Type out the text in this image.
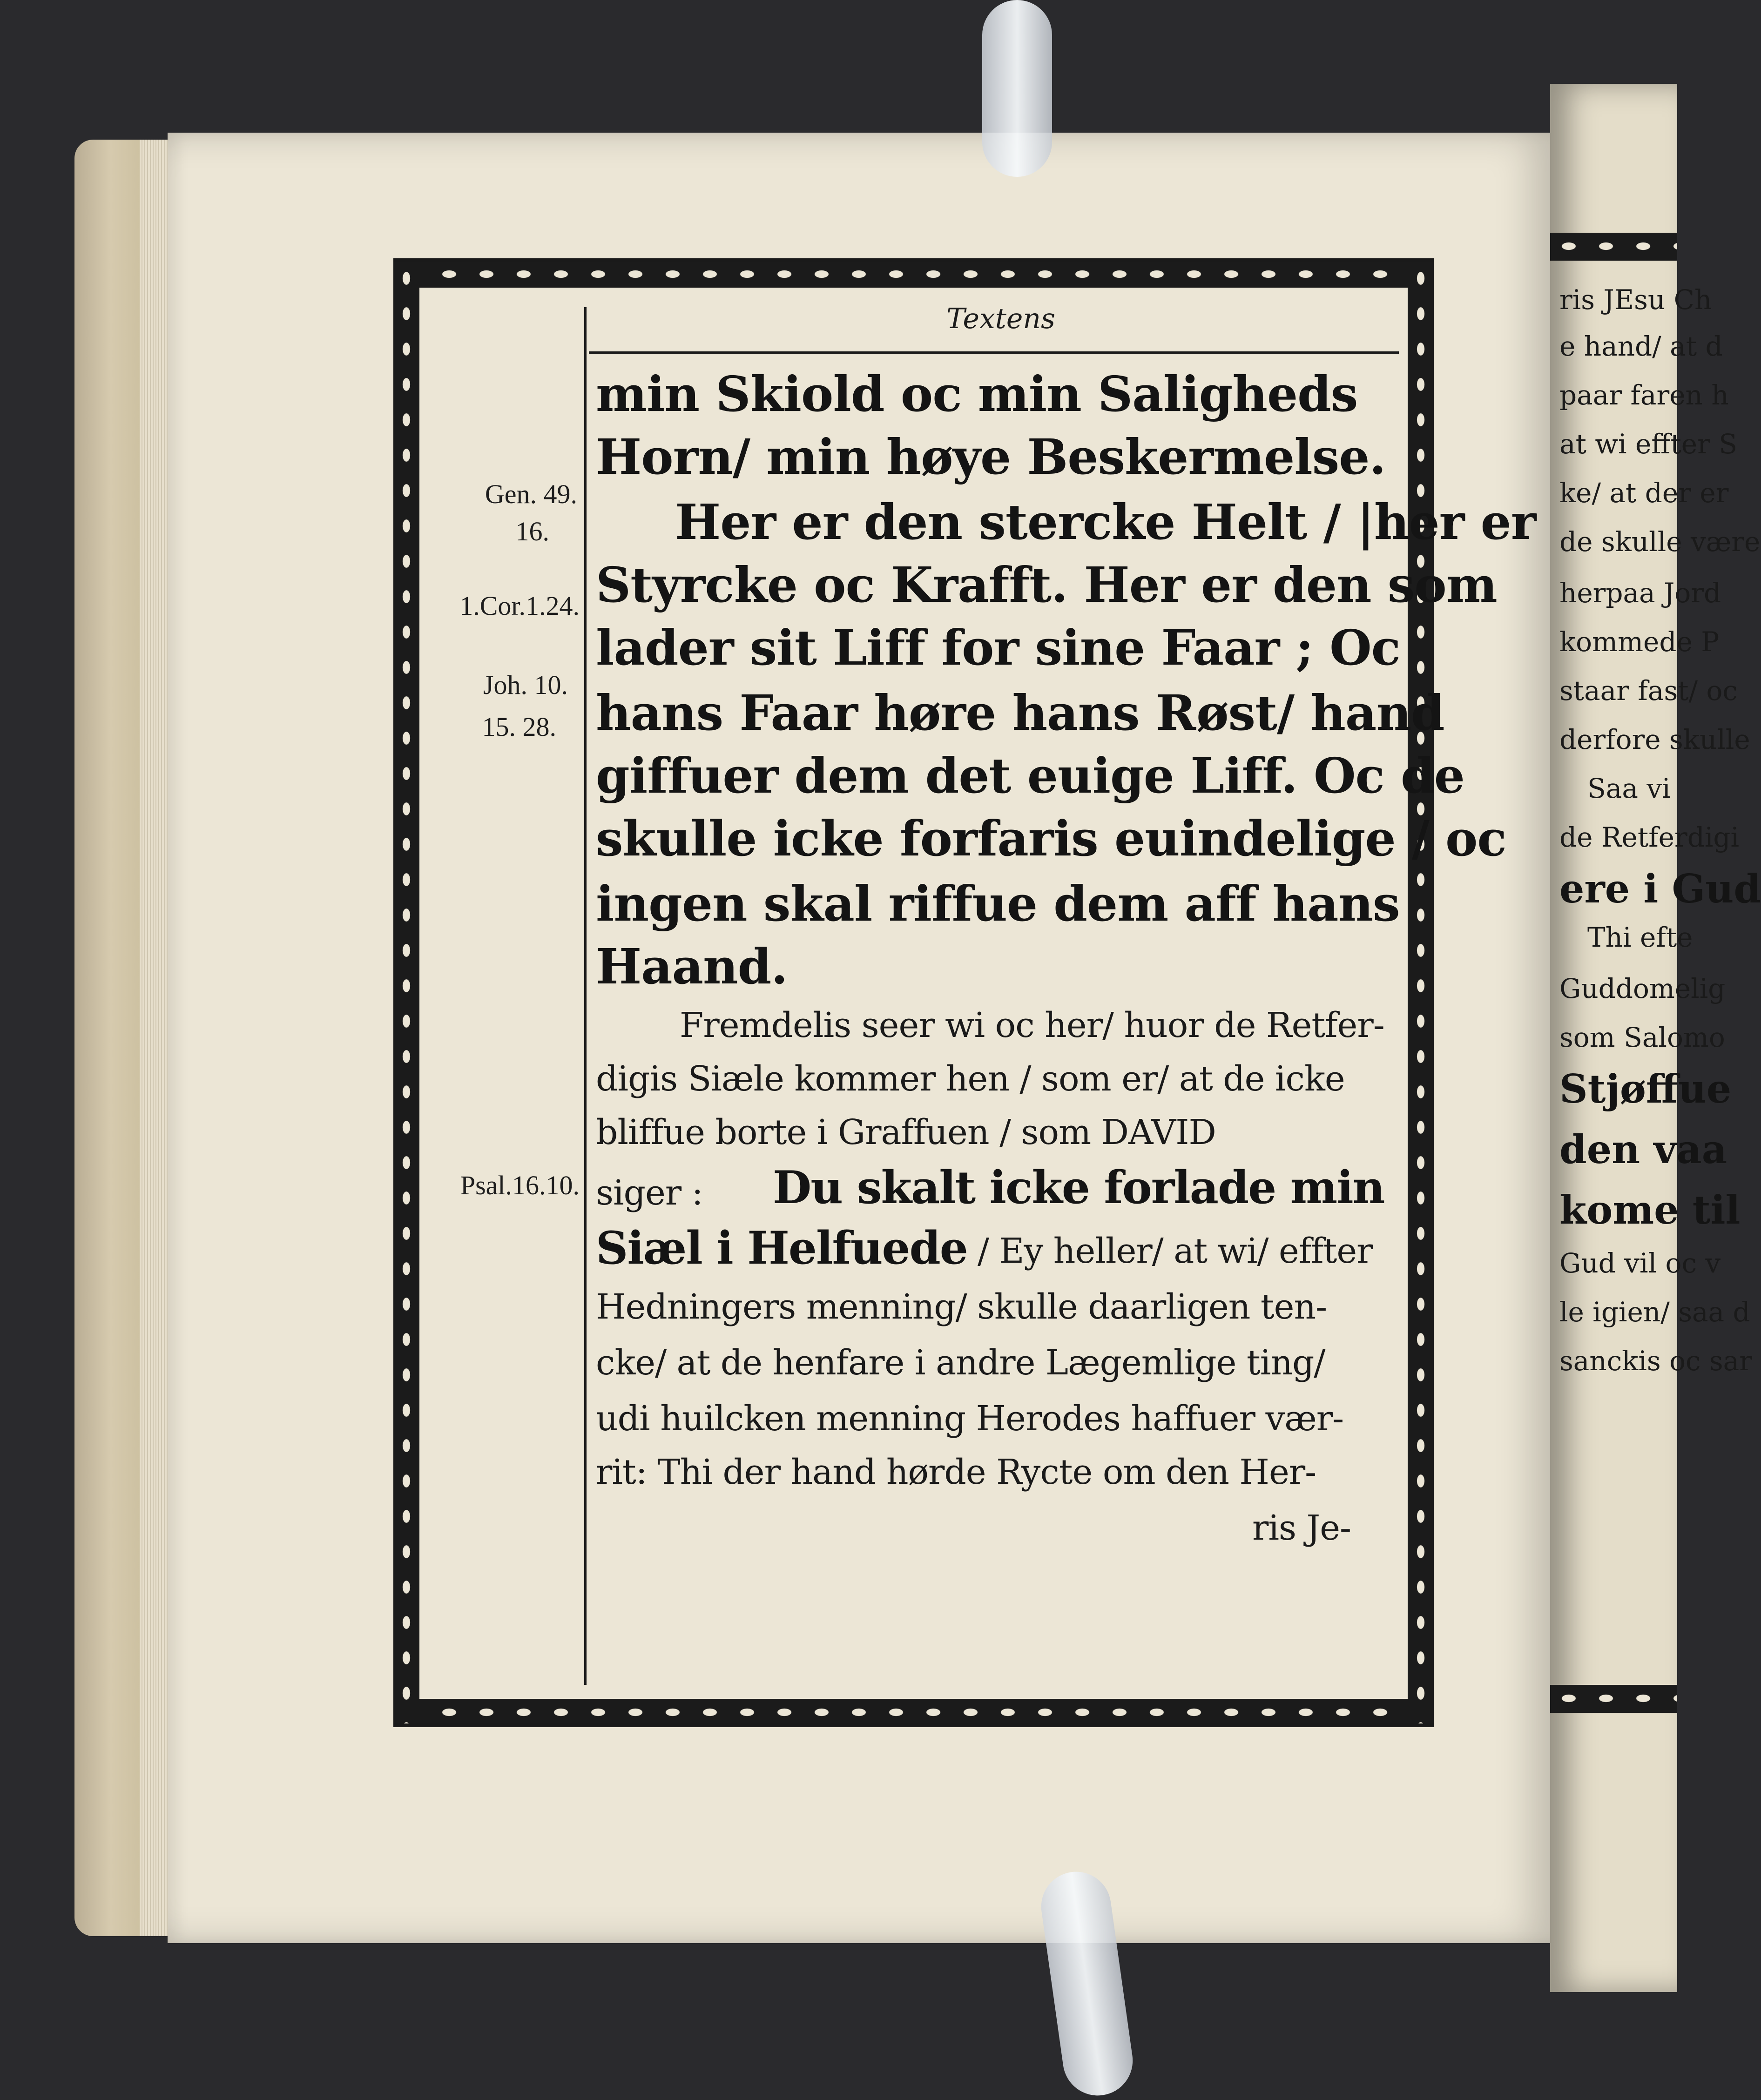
ris JEsu Ch
e hand/ at d
paar faren h
at wi effter S
ke/ at der er
de skulle være
herpaa Jord
kommede P
staar fast/ oc
derfore skulle
Saa vi
de Retferdigi
ere i Gud
Thi efte
Guddomelig
som Salomo
Stjøffue
den vaa
kome til
Gud vil oc v
le igien/ saa d
sanckis oc sar
Textens
Gen. 49.
16.
1.Cor.1.24.
Joh. 10.
15. 28.
Psal.16.10.
min Skiold oc min Saligheds
Horn/ min høye Beskermelse.
Her er den stercke Helt / |her er
Styrcke oc Krafft. Her er den som
lader sit Liff for sine Faar ; Oc
hans Faar høre hans Røst/ hand
giffuer dem det euige Liff. Oc de
skulle icke forfaris euindelige / oc
ingen skal riffue dem aff hans
Haand.
Fremdelis seer wi oc her/ huor de Retfer-
digis Siæle kommer hen / som er/ at de icke
bliffue borte i Graffuen / som DAVID
siger : Du skalt icke forlade min
Siæl i Helfuede / Ey heller/ at wi/ effter
Hedningers menning/ skulle daarligen ten-
cke/ at de henfare i andre Lægemlige ting/
udi huilcken menning Herodes haffuer vær-
rit: Thi der hand hørde Rycte om den Her-
ris Je-
